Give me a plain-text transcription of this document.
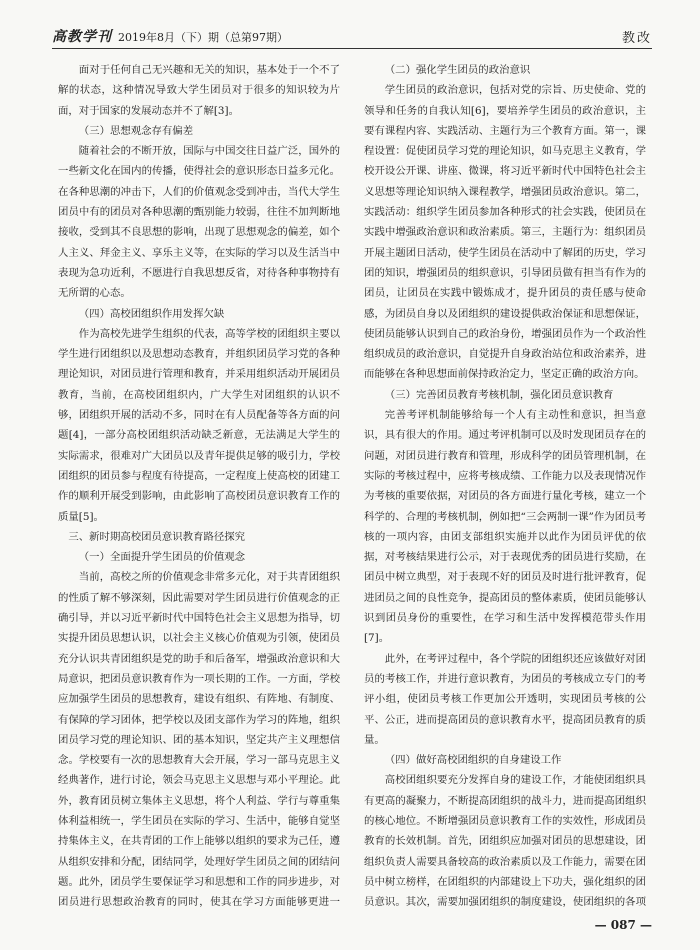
高教学刊 2019年8月（下）期（总第97期）	教改

面对于任何自己无兴趣和无关的知识，基本处于一个不了解的状态，这种情况导致大学生团员对于很多的知识较为片面，对于国家的发展动态并不了解[3]。

（三）思想观念存有偏差

随着社会的不断开放，国际与中国交往日益广泛，国外的一些新文化在国内的传播，使得社会的意识形态日益多元化。在各种思潮的冲击下，人们的价值观念受到冲击，当代大学生团员中有的团员对各种思潮的甄别能力较弱，往往不加判断地接收，受到其不良思想的影响，出现了思想观念的偏差，如个人主义、拜金主义、享乐主义等，在实际的学习以及生活当中表现为急功近利，不愿进行自我思想反省，对待各种事物持有无所谓的心态。

（四）高校团组织作用发挥欠缺

作为高校先进学生组织的代表，高等学校的团组织主要以学生进行团组织以及思想动态教育，并组织团员学习党的各种理论知识，对团员进行管理和教育，并采用组织活动开展团员教育，当前，在高校团组织内，广大学生对团组织的认识不够，团组织开展的活动不多，同时在有人员配备等各方面的问题[4]，一部分高校团组织活动缺乏新意，无法满足大学生的实际需求，很难对广大团员以及青年提供足够的吸引力，学校团组织的团员参与程度有待提高，一定程度上使高校的团建工作的顺利开展受到影响，由此影响了高校团员意识教育工作的质量[5]。

三、新时期高校团员意识教育路径探究

（一）全面提升学生团员的价值观念

当前，高校之所的价值观念非常多元化，对于共青团组织的性质了解不够深刻，因此需要对学生团员进行价值观念的正确引导，并以习近平新时代中国特色社会主义思想为指导，切实提升团员思想认识，以社会主义核心价值观为引领，使团员充分认识共青团组织是党的助手和后备军，增强政治意识和大局意识，把团员意识教育作为一项长期的工作。一方面，学校应加强学生团员的思想教育，建设有组织、有阵地、有制度、有保障的学习团体，把学校以及团支部作为学习的阵地，组织团员学习党的理论知识、团的基本知识，坚定共产主义理想信念。学校要有一次的思想教育大会开展，学习一部马克思主义经典著作，进行讨论，领会马克思主义思想与邓小平理论。此外，教育团员树立集体主义思想，将个人利益、学行与尊重集体利益相统一，学生团员在实际的学习、生活中，能够自觉坚持集体主义，在共青团的工作上能够以组织的要求为己任，遵从组织安排和分配，团结同学，处理好学生团员之间的团结问题。此外，团员学生要保证学习和思想和工作的同步进步，对团员进行思想政治教育的同时，使其在学习方面能够更进一

（二）强化学生团员的政治意识

学生团员的政治意识，包括对党的宗旨、历史使命、党的领导和任务的自我认知[6]，要培养学生团员的政治意识，主要有课程内容、实践活动、主题行为三个教育方面。第一，课程设置：促使团员学习党的理论知识，如马克思主义教育，学校开设公开课、讲座、微课，将习近平新时代中国特色社会主义思想等理论知识纳入课程教学，增强团员政治意识。第二，实践活动：组织学生团员参加各种形式的社会实践，使团员在实践中增强政治意识和政治素质。第三，主题行为：组织团员开展主题团日活动，使学生团员在活动中了解团的历史，学习团的知识，增强团员的组织意识，引导团员做有担当有作为的团员，让团员在实践中锻炼成才，提升团员的责任感与使命感，为团员自身以及团组织的建设提供政治保证和思想保证，使团员能够认识到自己的政治身份，增强团员作为一个政治性组织成员的政治意识，自觉提升自身政治站位和政治素养，进而能够在各种思想面前保持政治定力，坚定正确的政治方向。

（三）完善团员教育考核机制，强化团员意识教育

完善考评机制能够给每一个人有主动性和意识，担当意识，具有很大的作用。通过考评机制可以及时发现团员存在的问题，对团员进行教育和管理，形成科学的团员管理机制，在实际的考核过程中，应将考核成绩、工作能力以及表现情况作为考核的重要依据，对团员的各方面进行量化考核，建立一个科学的、合理的考核机制，例如把“三会两制一课”作为团员考核的一项内容，由团支部组织实施并以此作为团员评优的依据，对考核结果进行公示，对于表现优秀的团员进行奖励，在团员中树立典型，对于表现不好的团员及时进行批评教育，促进团员之间的良性竞争，提高团员的整体素质，使团员能够认识到团员身份的重要性，在学习和生活中发挥模范带头作用[7]。

此外，在考评过程中，各个学院的团组织还应该做好对团员的考核工作，并进行意识教育，为团员的考核成立专门的考评小组，使团员考核工作更加公开透明，实现团员考核的公平、公正，进而提高团员的意识教育水平，提高团员教育的质量。

（四）做好高校团组织的自身建设工作

高校团组织要充分发挥自身的建设工作，才能使团组织具有更高的凝聚力，不断提高团组织的战斗力，进而提高团组织的核心地位。不断增强团员意识教育工作的实效性，形成团员教育的长效机制。首先，团组织应加强对团员的思想建设，团组织负责人需要具备较高的政治素质以及工作能力，需要在团员中树立榜样，在团组织的内部建设上下功夫，强化组织的团员意识。其次，需要加强团组织的制度建设，使团组织的各项

— 087 —
